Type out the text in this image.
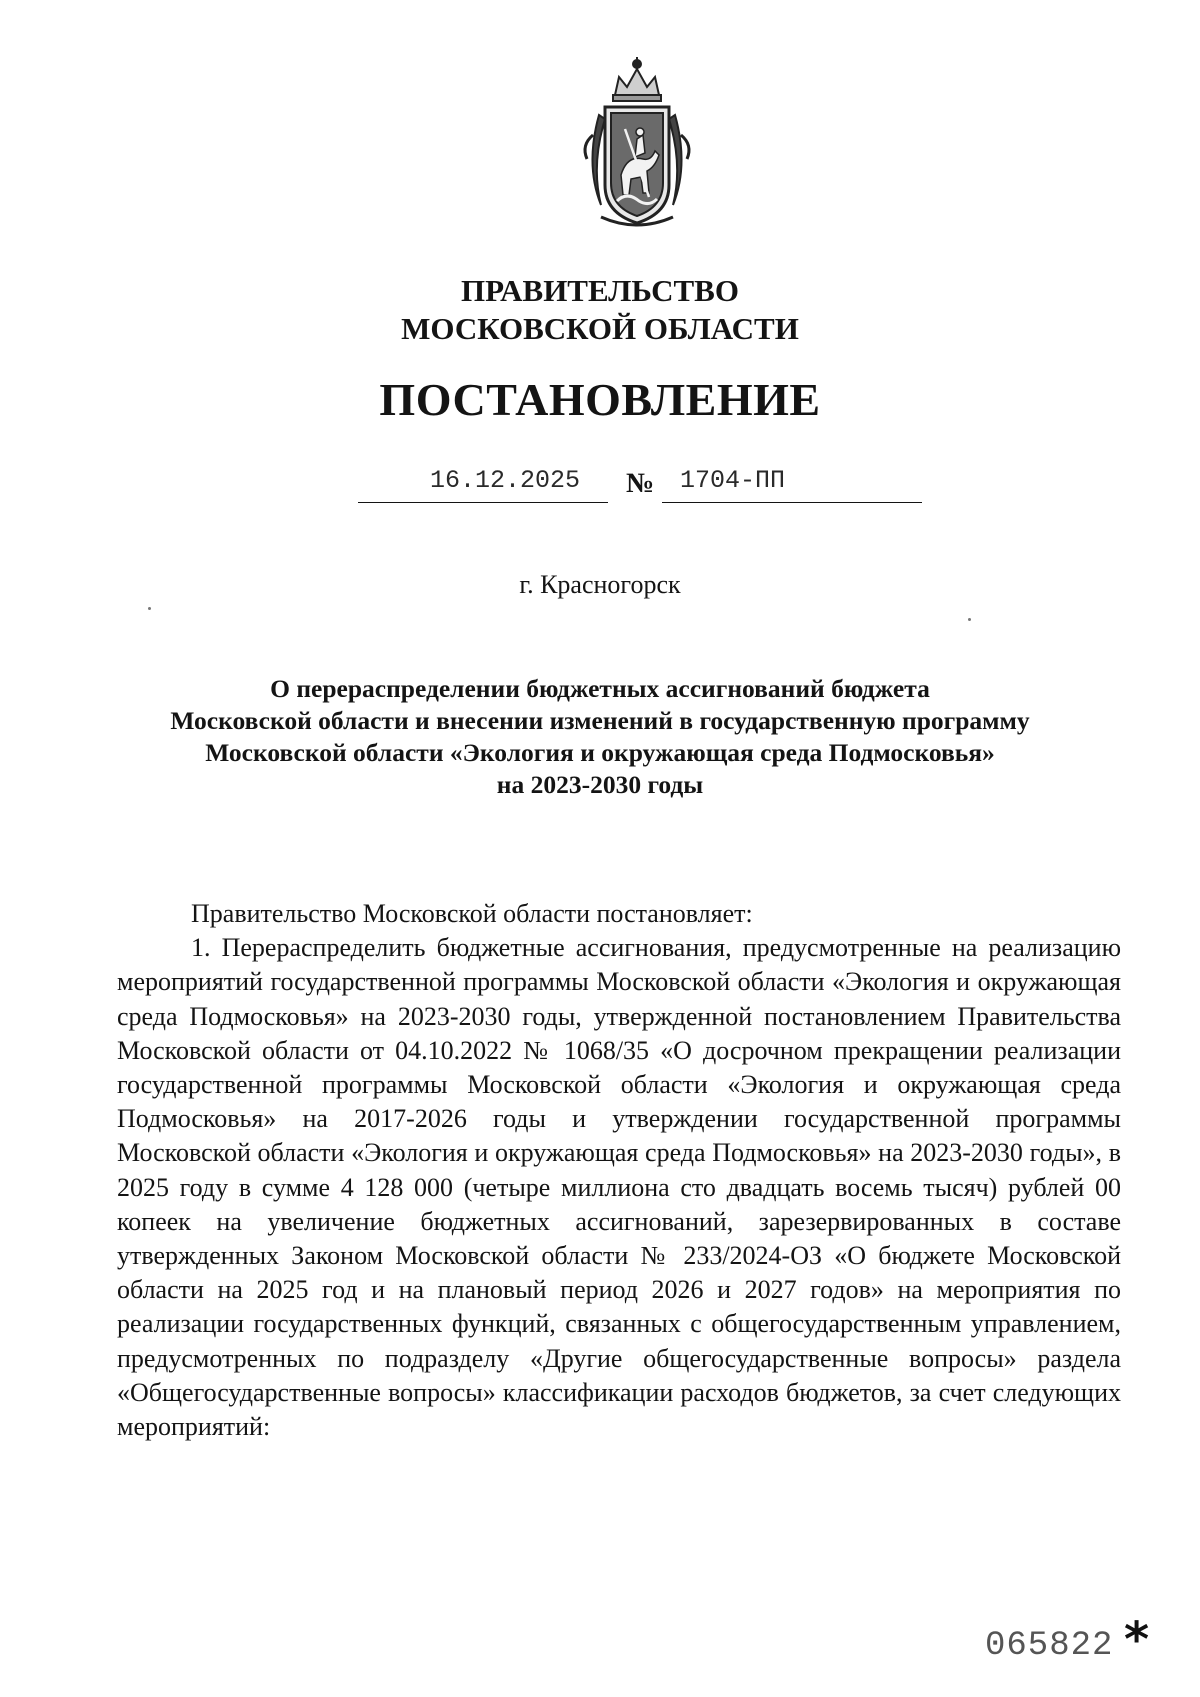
ПРАВИТЕЛЬСТВО
МОСКОВСКОЙ ОБЛАСТИ
ПОСТАНОВЛЕНИЕ
16.12.2025 № 1704-ПП
г. Красногорск
О перераспределении бюджетных ассигнований бюджета
Московской области и внесении изменений в государственную программу
Московской области «Экология и окружающая среда Подмосковья»
на 2023-2030 годы

Правительство Московской области постановляет:

1. Перераспределить бюджетные ассигнования, предусмотренные на реализацию мероприятий государственной программы Московской области «Экология и окружающая среда Подмосковья» на 2023-2030 годы, утвержденной постановлением Правительства Московской области от 04.10.2022 № 1068/35 «О досрочном прекращении реализации государственной программы Московской области «Экология и окружающая среда Подмосковья» на 2017-2026 годы и утверждении государственной программы Московской области «Экология и окружающая среда Подмосковья» на 2023-2030 годы», в 2025 году в сумме 4 128 000 (четыре миллиона сто двадцать восемь тысяч) рублей 00 копеек на увеличение бюджетных ассигнований, зарезервированных в составе утвержденных Законом Московской области № 233/2024-ОЗ «О бюджете Московской области на 2025 год и на плановый период 2026 и 2027 годов» на мероприятия по реализации государственных функций, связанных с общегосударственным управлением, предусмотренных по подразделу «Другие общегосударственные вопросы» раздела «Общегосударственные вопросы» классификации расходов бюджетов, за счет следующих мероприятий:

065822 *
